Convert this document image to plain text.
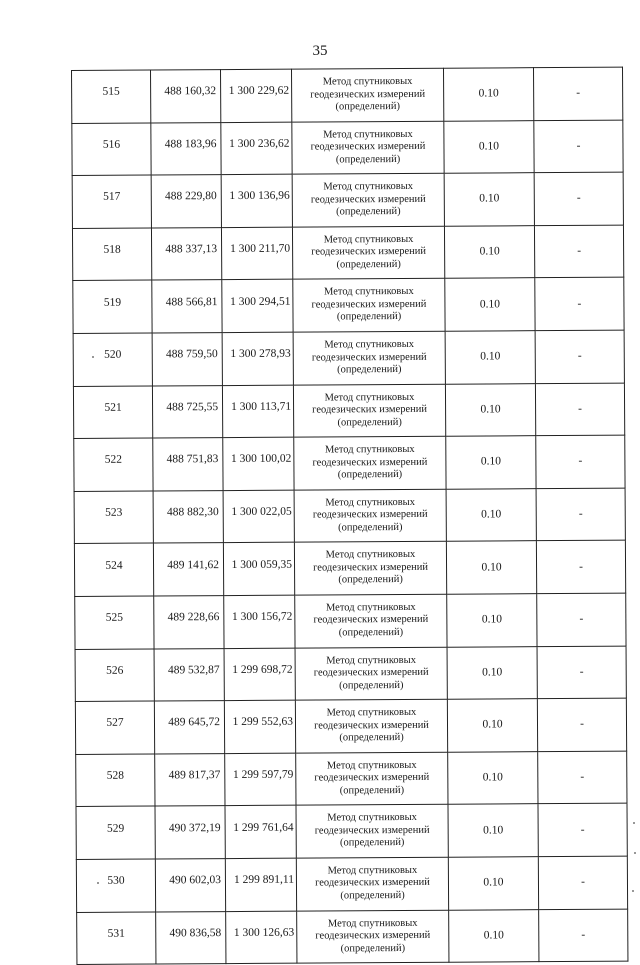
35
515	488 160,32	1 300 229,62	Метод спутниковых
геодезических измерений
(определений)	0.10	-
516	488 183,96	1 300 236,62	Метод спутниковых
геодезических измерений
(определений)	0.10	-
517	488 229,80	1 300 136,96	Метод спутниковых
геодезических измерений
(определений)	0.10	-
518	488 337,13	1 300 211,70	Метод спутниковых
геодезических измерений
(определений)	0.10	-
519	488 566,81	1 300 294,51	Метод спутниковых
геодезических измерений
(определений)	0.10	-
520	488 759,50	1 300 278,93	Метод спутниковых
геодезических измерений
(определений)	0.10	-
521	488 725,55	1 300 113,71	Метод спутниковых
геодезических измерений
(определений)	0.10	-
522	488 751,83	1 300 100,02	Метод спутниковых
геодезических измерений
(определений)	0.10	-
523	488 882,30	1 300 022,05	Метод спутниковых
геодезических измерений
(определений)	0.10	-
524	489 141,62	1 300 059,35	Метод спутниковых
геодезических измерений
(определений)	0.10	-
525	489 228,66	1 300 156,72	Метод спутниковых
геодезических измерений
(определений)	0.10	-
526	489 532,87	1 299 698,72	Метод спутниковых
геодезических измерений
(определений)	0.10	-
527	489 645,72	1 299 552,63	Метод спутниковых
геодезических измерений
(определений)	0.10	-
528	489 817,37	1 299 597,79	Метод спутниковых
геодезических измерений
(определений)	0.10	-
529	490 372,19	1 299 761,64	Метод спутниковых
геодезических измерений
(определений)	0.10	-
530	490 602,03	1 299 891,11	Метод спутниковых
геодезических измерений
(определений)	0.10	-
531	490 836,58	1 300 126,63	Метод спутниковых
геодезических измерений
(определений)	0.10	-
